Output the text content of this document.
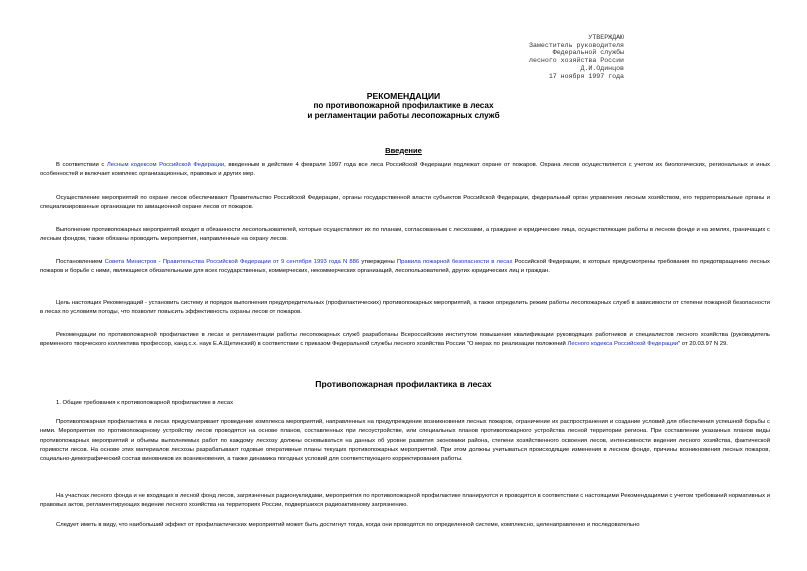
УТВЕРЖДАЮ
Заместитель руководителя
Федеральной службы
лесного хозяйства России
Д.И.Одинцов
17 ноября 1997 года
РЕКОМЕНДАЦИИ
по противопожарной профилактике в лесах
и регламентации работы лесопожарных служб
Введение
В соответствии с Лесным кодексом Российской Федерации, введенным в действие 4 февраля 1997 года все леса Российской Федерации подлежат охране от пожаров. Охрана лесов осуществляется с учетом их биологических, региональных и иных особенностей и включает комплекс организационных, правовых и других мер.
Осуществление мероприятий по охране лесов обеспечивают Правительство Российской Федерации, органы государственной власти субъектов Российской Федерации, федеральный орган управления лесным хозяйством, его территориальные органы и специализированные организации по авиационной охране лесов от пожаров.
Выполнение противопожарных мероприятий входит в обязанности лесопользователей, которые осуществляют их по планам, согласованным с лесхозами, а граждане и юридические лица, осуществляющие работы в лесном фонде и на землях, граничащих с лесным фондом, также обязаны проводить мероприятия, направленные на охрану лесов.
Постановлением Совета Министров - Правительства Российской Федерации от 9 сентября 1993 года N 886 утверждены Правила пожарной безопасности в лесах Российской Федерации, в которых предусмотрены требования по предотвращению лесных пожаров и борьбе с ними, являющиеся обязательными для всех государственных, коммерческих, некоммерческих организаций, лесопользователей, других юридических лиц и граждан.
Цель настоящих Рекомендаций - установить систему и порядок выполнения предупредительных (профилактических) противопожарных мероприятий, а также определить режим работы лесопожарных служб в зависимости от степени пожарной безопасности в лесах по условиям погоды, что позволит повысить эффективность охраны лесов от пожаров.
Рекомендации по противопожарной профилактике в лесах и регламентации работы лесопожарных служб разработаны Всероссийским институтом повышения квалификации руководящих работников и специалистов лесного хозяйства (руководитель временного творческого коллектива профессор, канд.с.х. наук Е.А.Щетинский) в соответствии с приказом Федеральной службы лесного хозяйства России "О мерах по реализации положений Лесного кодекса Российской Федерации" от 20.03.97 N 29.
Противопожарная профилактика в лесах
1. Общие требования к противопожарной профилактике в лесах
Противопожарная профилактика в лесах предусматривает проведение комплекса мероприятий, направленных на предупреждение возникновения лесных пожаров, ограничение их распространения и создание условий для обеспечения успешной борьбы с ними. Мероприятия по противопожарному устройству лесов проводятся на основе планов, составленных при лесоустройстве, или специальных планов противопожарного устройства лесной территории региона. При составлении указанных планов виды противопожарных мероприятий и объемы выполняемых работ по каждому лесхозу должны основываться на данных об уровне развития экономики района, степени хозяйственного освоения лесов, интенсивности ведения лесного хозяйства, фактической горимости лесов. На основе этих материалов лесхозы разрабатывают годовые оперативные планы текущих противопожарных мероприятий. При этом должны учитываться происходящие изменения в лесном фонде, причины возникновения лесных пожаров, социально-демографический состав виновников их возникновения, а также динамика погодных условий для соответствующего корректирования работы.
На участках лесного фонда и не входящих в лесной фонд лесов, загрязненных радионуклидами, мероприятия по противопожарной профилактике планируются и проводятся в соответствии с настоящими Рекомендациями с учетом требований нормативных и правовых актов, регламентирующих ведение лесного хозяйства на территориях России, подвергшихся радиоактивному загрязнению.
Следует иметь в виду, что наибольший эффект от профилактических мероприятий может быть достигнут тогда, когда они проводятся по определенной системе, комплексно, целенаправленно и последовательно
